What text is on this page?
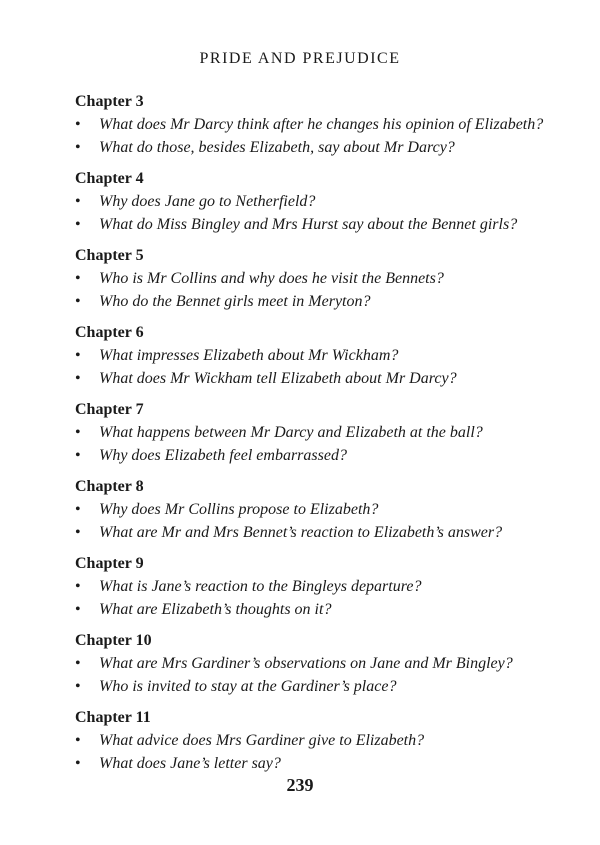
PRIDE AND PREJUDICE
Chapter 3
•	What does Mr Darcy think after he changes his opinion of Elizabeth?
•	What do those, besides Elizabeth, say about Mr Darcy?
Chapter 4
•	Why does Jane go to Netherfield?
•	What do Miss Bingley and Mrs Hurst say about the Bennet girls?
Chapter 5
•	Who is Mr Collins and why does he visit the Bennets?
•	Who do the Bennet girls meet in Meryton?
Chapter 6
•	What impresses Elizabeth about Mr Wickham?
•	What does Mr Wickham tell Elizabeth about Mr Darcy?
Chapter 7
•	What happens between Mr Darcy and Elizabeth at the ball?
•	Why does Elizabeth feel embarrassed?
Chapter 8
•	Why does Mr Collins propose to Elizabeth?
•	What are Mr and Mrs Bennet’s reaction to Elizabeth’s answer?
Chapter 9
•	What is Jane’s reaction to the Bingleys departure?
•	What are Elizabeth’s thoughts on it?
Chapter 10
•	What are Mrs Gardiner’s observations on Jane and Mr Bingley?
•	Who is invited to stay at the Gardiner’s place?
Chapter 11
•	What advice does Mrs Gardiner give to Elizabeth?
•	What does Jane’s letter say?
239
